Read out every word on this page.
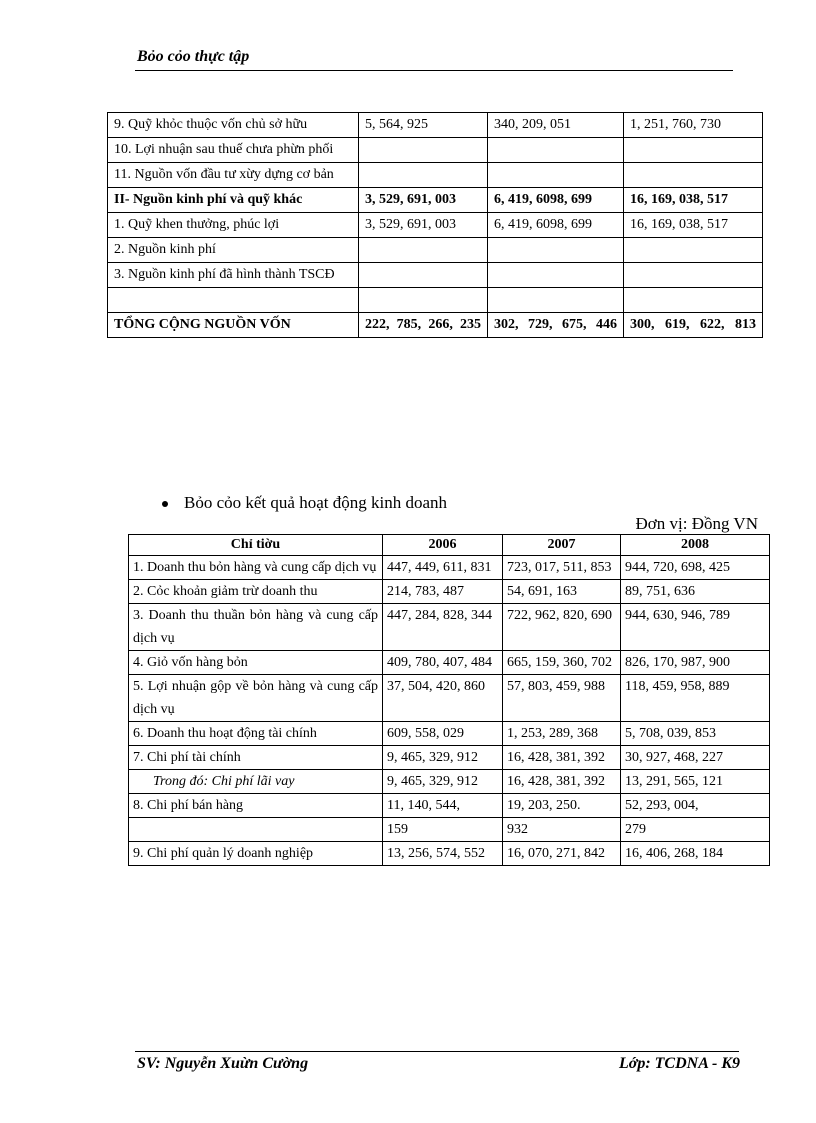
Bỏo cỏo thực tập
9. Quỹ khỏc thuộc vốn chủ sở hữu	5, 564, 925	340, 209, 051	1, 251, 760, 730
10. Lợi nhuận sau thuế chưa phừn phối			
11. Nguồn vốn đầu tư xừy dựng cơ bản			
II- Nguồn kinh phí và quỹ khác	3, 529, 691, 003	6, 419, 6098, 699	16, 169, 038, 517
1. Quỹ khen thưởng, phúc lợi	3, 529, 691, 003	6, 419, 6098, 699	16, 169, 038, 517
2. Nguồn kinh phí			
3. Nguồn kinh phí đã hình thành TSCĐ			

TỔNG CỘNG NGUỒN VỐN	222, 785, 266, 235	302, 729, 675, 446	300, 619, 622, 813
Bỏo cỏo kết quả hoạt động kinh doanh
Đơn vị: Đồng VN
Chỉ tiờu	2006	2007	2008
1. Doanh thu bỏn hàng và cung cấp dịch vụ	447, 449, 611, 831	723, 017, 511, 853	944, 720, 698, 425
2. Cỏc khoản giảm trừ doanh thu	214, 783, 487	54, 691, 163	89, 751, 636
3. Doanh thu thuần bỏn hàng và cung cấp dịch vụ	447, 284, 828, 344	722, 962, 820, 690	944, 630, 946, 789
4. Giỏ vốn hàng bỏn	409, 780, 407, 484	665, 159, 360, 702	826, 170, 987, 900
5. Lợi nhuận gộp về bỏn hàng và cung cấp dịch vụ	37, 504, 420, 860	57, 803, 459, 988	118, 459, 958, 889
6. Doanh thu hoạt động tài chính	609, 558, 029	1, 253, 289, 368	5, 708, 039, 853
7. Chi phí tài chính	9, 465, 329, 912	16, 428, 381, 392	30, 927, 468, 227
Trong đó: Chi phí lãi vay	9, 465, 329, 912	16, 428, 381, 392	13, 291, 565, 121
8. Chi phí bán hàng	11, 140, 544,	19, 203, 250.	52, 293, 004,
	159	932	279
9. Chi phí quản lý doanh nghiệp	13, 256, 574, 552	16, 070, 271, 842	16, 406, 268, 184
SV: Nguyễn Xuừn Cường	Lớp: TCDNA - K9
